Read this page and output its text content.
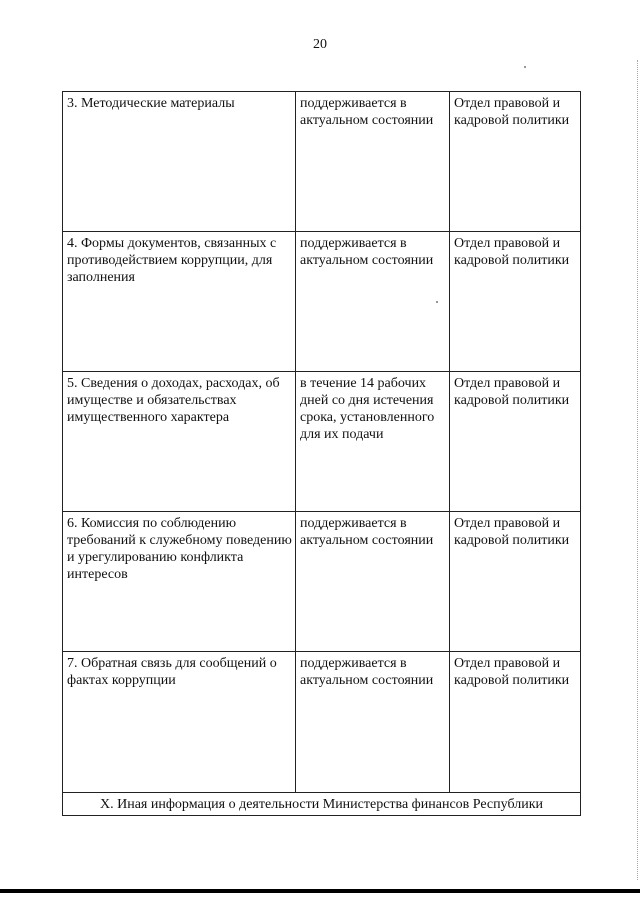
20
3. Методические материалы	поддерживается в актуальном состоянии	Отдел правовой и кадровой политики
4. Формы документов, связанных с противодействием коррупции, для заполнения	поддерживается в актуальном состоянии	Отдел правовой и кадровой политики
5. Сведения о доходах, расходах, об имуществе и обязательствах имущественного характера	в течение 14 рабочих дней со дня истечения срока, установленного для их подачи	Отдел правовой и кадровой политики
6. Комиссия по соблюдению требований к служебному поведению и урегулированию конфликта интересов	поддерживается в актуальном состоянии	Отдел правовой и кадровой политики
7. Обратная связь для сообщений о фактах коррупции	поддерживается в актуальном состоянии	Отдел правовой и кадровой политики
X. Иная информация о деятельности Министерства финансов Республики		
